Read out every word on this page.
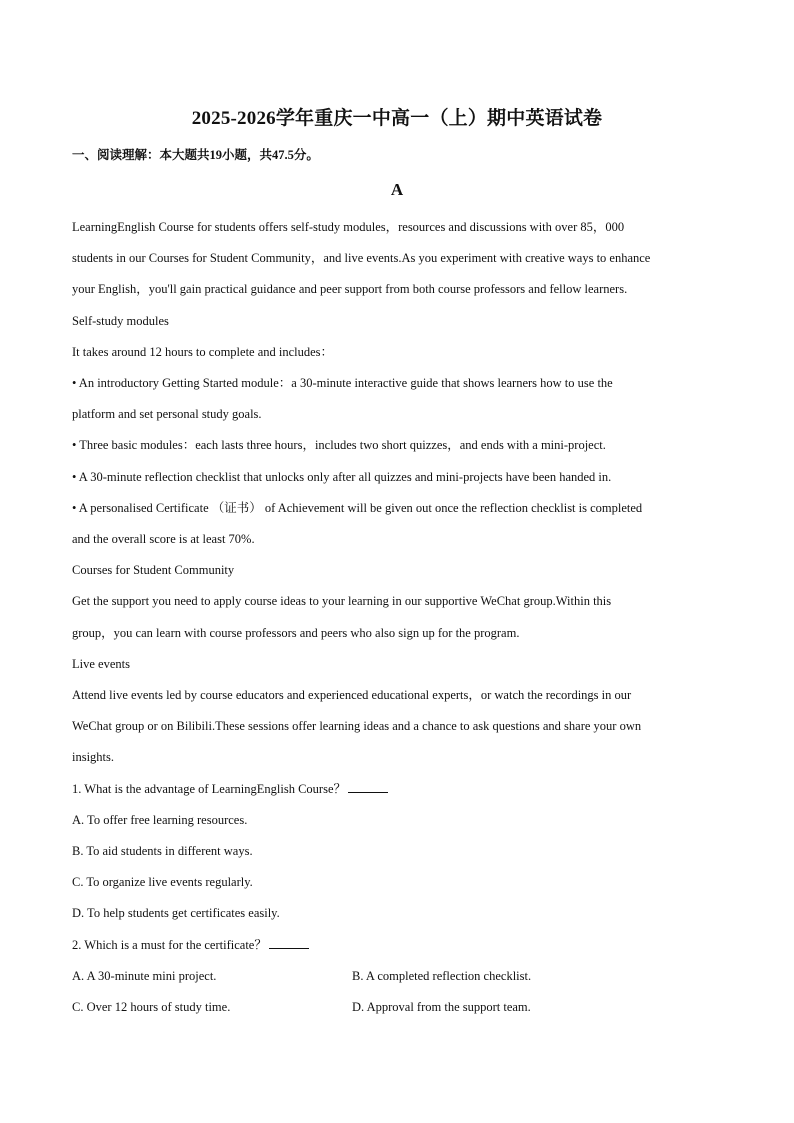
2025-2026学年重庆一中高一（上）期中英语试卷
一、阅读理解：本大题共19小题，共47.5分。
A
LearningEnglish Course for students offers self-study modules，resources and discussions with over 85，000
students in our Courses for Student Community，and live events.As you experiment with creative ways to enhance
your English，you'll gain practical guidance and peer support from both course professors and fellow learners.
Self-study modules
It takes around 12 hours to complete and includes：
• An introductory Getting Started module：a 30-minute interactive guide that shows learners how to use the
platform and set personal study goals.
• Three basic modules：each lasts three hours，includes two short quizzes，and ends with a mini-project.
• A 30-minute reflection checklist that unlocks only after all quizzes and mini-projects have been handed in.
• A personalised Certificate （证书） of Achievement will be given out once the reflection checklist is completed
and the overall score is at least 70%.
Courses for Student Community
Get the support you need to apply course ideas to your learning in our supportive WeChat group.Within this
group，you can learn with course professors and peers who also sign up for the program.
Live events
Attend live events led by course educators and experienced educational experts，or watch the recordings in our
WeChat group or on Bilibili.These sessions offer learning ideas and a chance to ask questions and share your own
insights.
1. What is the advantage of LearningEnglish Course？
A. To offer free learning resources.
B. To aid students in different ways.
C. To organize live events regularly.
D. To help students get certificates easily.
2. Which is a must for the certificate？
A. A 30-minute mini project.	B. A completed reflection checklist.
C. Over 12 hours of study time.	D. Approval from the support team.
